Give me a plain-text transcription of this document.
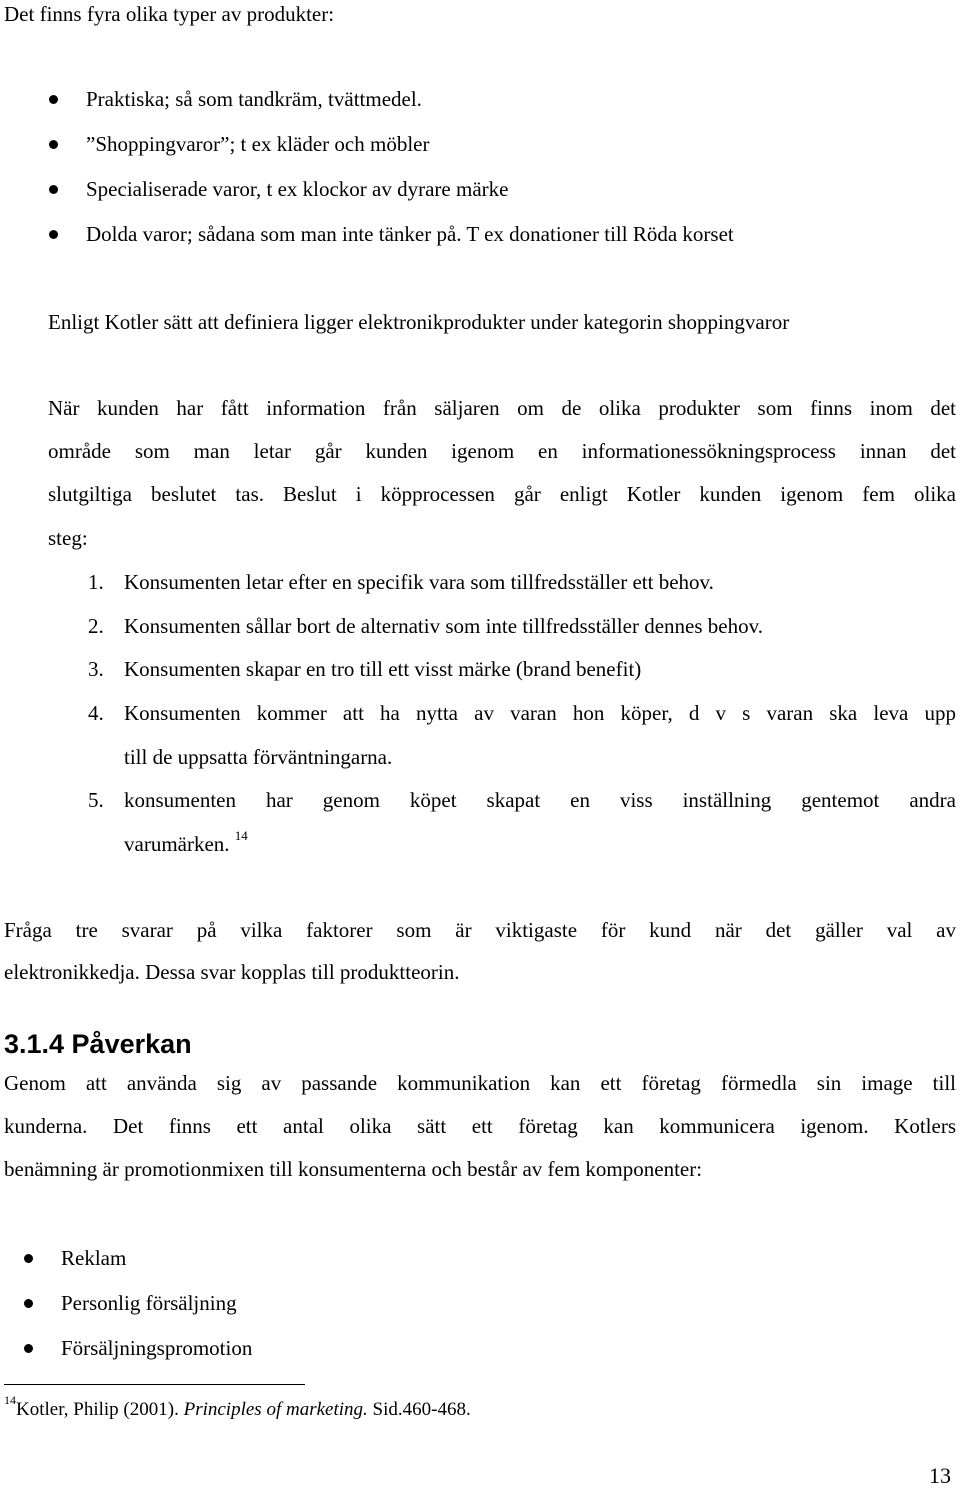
Det finns fyra olika typer av produkter:
Praktiska; så som tandkräm, tvättmedel.
”Shoppingvaror”; t ex kläder och möbler
Specialiserade varor, t ex klockor av dyrare märke
Dolda varor; sådana som man inte tänker på. T ex donationer till Röda korset
Enligt Kotler sätt att definiera ligger elektronikprodukter under kategorin shoppingvaror
När kunden har fått information från säljaren om de olika produkter som finns inom det
område som man letar går kunden igenom en informationessökningsprocess innan det
slutgiltiga beslutet tas. Beslut i köpprocessen går enligt Kotler kunden igenom fem olika
steg:
1. Konsumenten letar efter en specifik vara som tillfredsställer ett behov.
2. Konsumenten sållar bort de alternativ som inte tillfredsställer dennes behov.
3. Konsumenten skapar en tro till ett visst märke (brand benefit)
4. Konsumenten kommer att ha nytta av varan hon köper, d v s varan ska leva upp
till de uppsatta förväntningarna.
5. konsumenten har genom köpet skapat en viss inställning gentemot andra
varumärken. $^{14}$
Fråga tre svarar på vilka faktorer som är viktigaste för kund när det gäller val av
elektronikkedja. Dessa svar kopplas till produktteorin.
3.1.4 Påverkan
Genom att använda sig av passande kommunikation kan ett företag förmedla sin image till
kunderna. Det finns ett antal olika sätt ett företag kan kommunicera igenom. Kotlers
benämning är promotionmixen till konsumenterna och består av fem komponenter:
Reklam
Personlig försäljning
Försäljningspromotion
$^{14}$Kotler, Philip (2001). Principles of marketing. Sid.460-468.
13
